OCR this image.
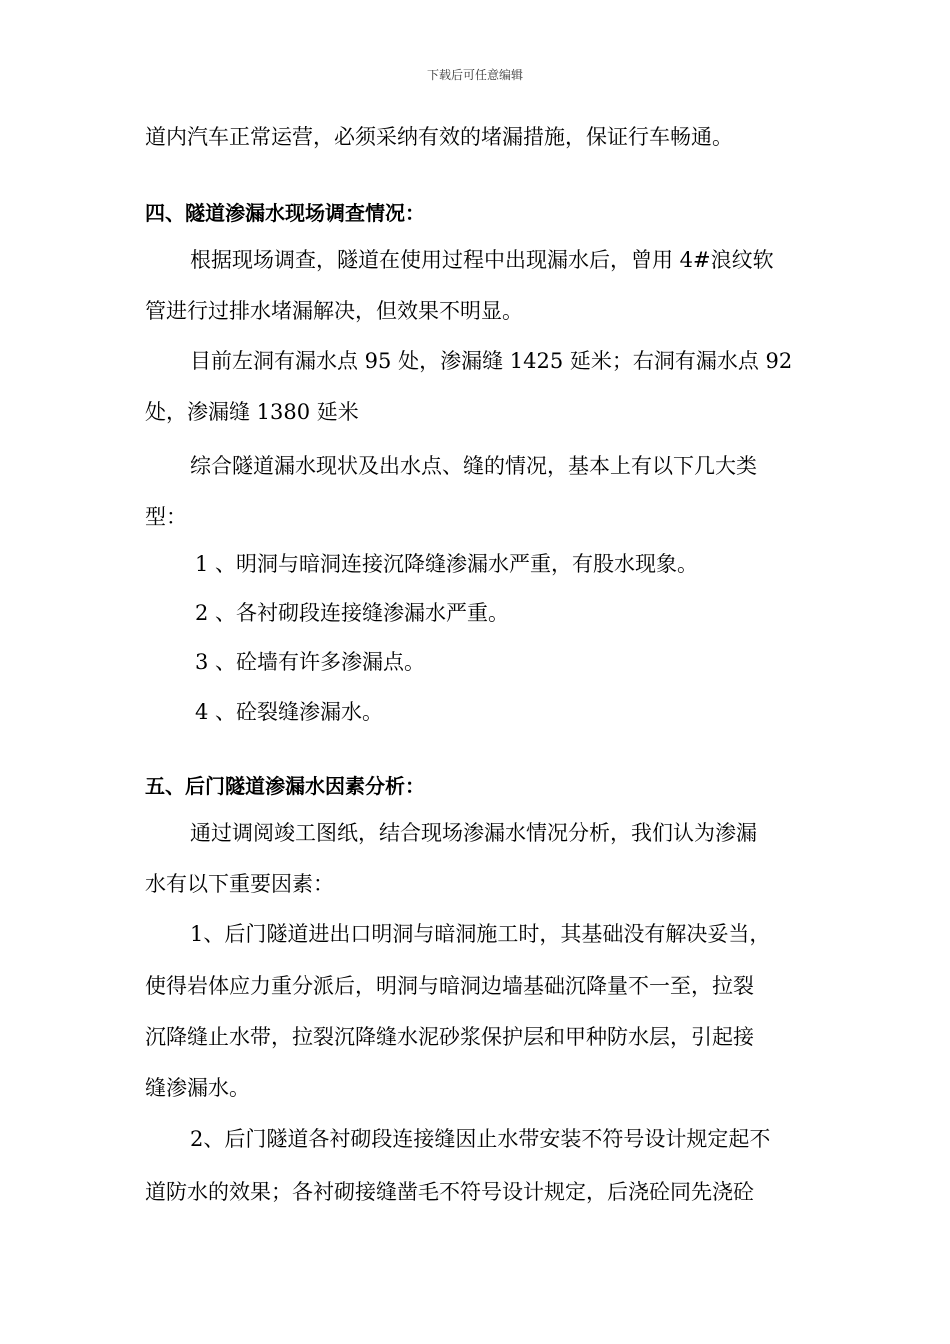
下载后可任意编辑
道内汽车正常运营，必须采纳有效的堵漏措施，保证行车畅通。
四、隧道渗漏水现场调查情况：
根据现场调查，隧道在使用过程中出现漏水后，曾用 4#浪纹软
管进行过排水堵漏解决，但效果不明显。
目前左洞有漏水点 95 处，渗漏缝 1425 延米；右洞有漏水点 92
处，渗漏缝 1380 延米
综合隧道漏水现状及出水点、缝的情况，基本上有以下几大类
型：
1 、明洞与暗洞连接沉降缝渗漏水严重，有股水现象。
2 、各衬砌段连接缝渗漏水严重。
3 、砼墙有许多渗漏点。
4 、砼裂缝渗漏水。
五、后门隧道渗漏水因素分析：
通过调阅竣工图纸，结合现场渗漏水情况分析，我们认为渗漏
水有以下重要因素：
1、后门隧道进出口明洞与暗洞施工时，其基础没有解决妥当，
使得岩体应力重分派后，明洞与暗洞边墙基础沉降量不一至，拉裂
沉降缝止水带，拉裂沉降缝水泥砂浆保护层和甲种防水层，引起接
缝渗漏水。
2、后门隧道各衬砌段连接缝因止水带安装不符号设计规定起不
道防水的效果；各衬砌接缝凿毛不符号设计规定，后浇砼同先浇砼
